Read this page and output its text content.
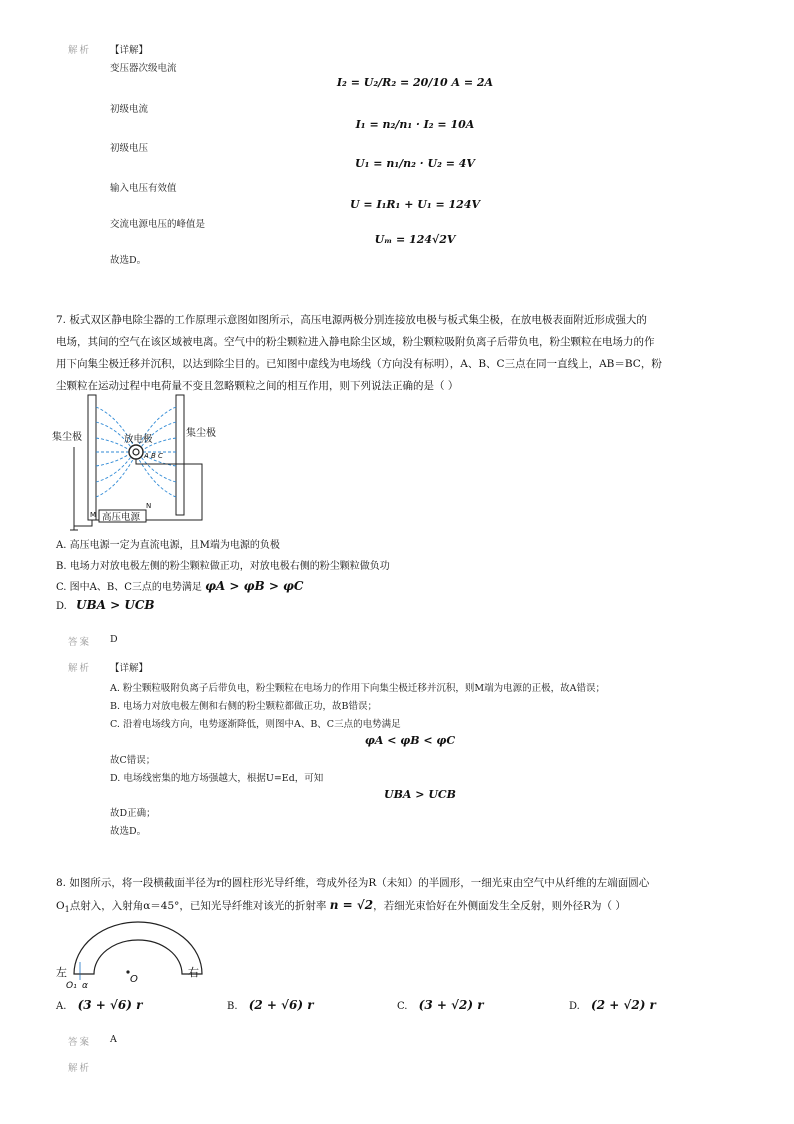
解析 【详解】
变压器次级电流
I₂ = U₂/R₂ = 20/10 A = 2A
初级电流
I₁ = n₂/n₁ · I₂ = 10A
初级电压
U₁ = n₁/n₂ · U₂ = 4V
输入电压有效值
U = I₁R₁ + U₁ = 124V
交流电源电压的峰值是
Uₘ = 124√2V
故选D。
7. 板式双区静电除尘器的工作原理示意图如图所示，高压电源两极分别连接放电极与板式集尘极，在放电极表面附近形成强大的
电场，其间的空气在该区域被电离。空气中的粉尘颗粒进入静电除尘区域，粉尘颗粒吸附负离子后带负电，粉尘颗粒在电场力的作
用下向集尘极迁移并沉积，以达到除尘目的。已知图中虚线为电场线（方向没有标明），A、B、C三点在同一直线上，AB＝BC，粉
尘颗粒在运动过程中电荷量不变且忽略颗粒之间的相互作用，则下列说法正确的是（ ）
集尘极	集尘极
放电极
A B C
M
N
高压电源
A. 高压电源一定为直流电源，且M端为电源的负极
B. 电场力对放电极左侧的粉尘颗粒做正功，对放电极右侧的粉尘颗粒做负功
C. 图中A、B、C三点的电势满足 φA > φB > φC
D. UBA > UCB
答案 D
解析 【详解】
A. 粉尘颗粒吸附负离子后带负电，粉尘颗粒在电场力的作用下向集尘极迁移并沉积，则M端为电源的正极，故A错误；
B. 电场力对放电极左侧和右侧的粉尘颗粒都做正功，故B错误；
C. 沿着电场线方向，电势逐渐降低，则图中A、B、C三点的电势满足
φA < φB < φC
故C错误；
D. 电场线密集的地方场强越大，根据U=Ed，可知
UBA > UCB
故D正确；
故选D。
8. 如图所示，将一段横截面半径为r的圆柱形光导纤维，弯成外径为R（未知）的半圆形，一细光束由空气中从纤维的左端面圆心
$O_1$点射入，入射角α＝45°，已知光导纤维对该光的折射率 n = √2，若细光束恰好在外侧面发生全反射，则外径R为（ ）
左	右
O
O₁ α
A. (3 + √6) r	B. (2 + √6) r	C. (3 + √2) r	D. (2 + √2) r
答案 A
解析
